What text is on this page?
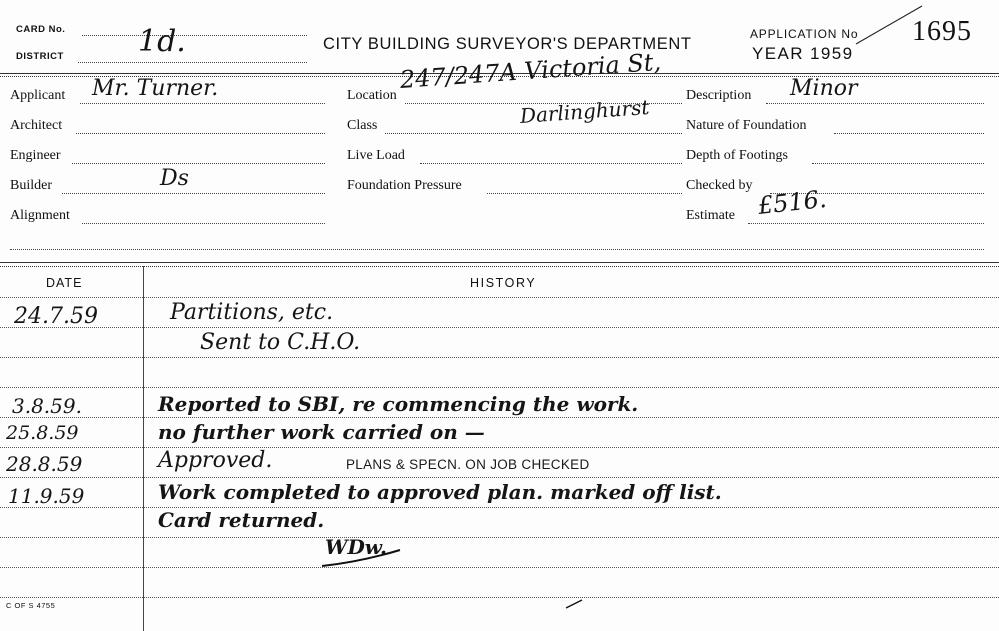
CARD No.
DISTRICT 1d.	CITY BUILDING SURVEYOR'S DEPARTMENT
APPLICATION No
YEAR 1959
1695
Applicant Mr. Turner.
Architect
Engineer
Builder	Ds
Alignment
Location
247/247A Victoria St,
Darlinghurst
Class
Live Load
Foundation Pressure
Description Minor
Nature of Foundation
Depth of Footings
Checked by
Estimate £516.
DATE	HISTORY
24.7.59	Partitions, etc.
Sent to C.H.O.
3.8.59.	Reported to SBI, re commencing the work.
25.8.59	no further work carried on —
28.8.59	Approved.	PLANS & SPECN. ON JOB CHECKED
11.9.59	Work completed to approved plan. marked off list.
Card returned.
WDw.
C OF S 4755
